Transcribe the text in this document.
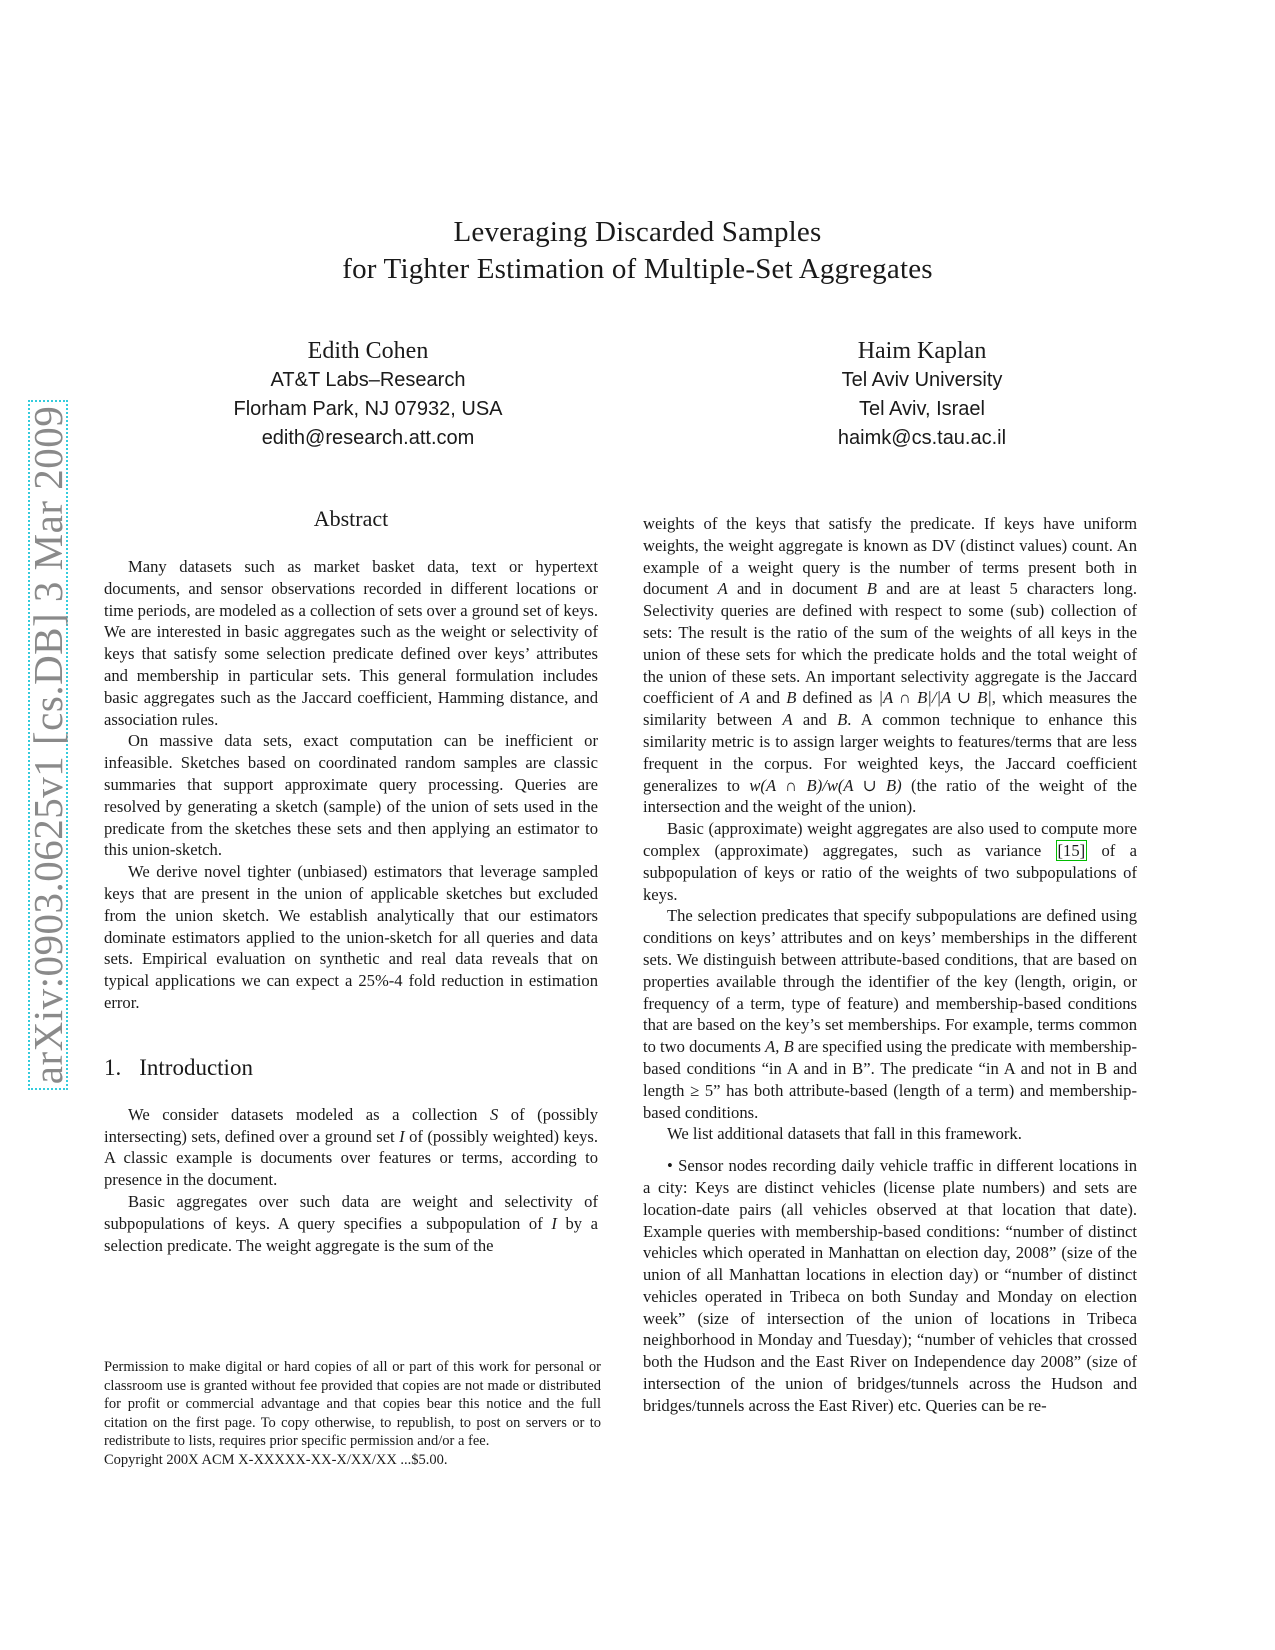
arXiv:0903.0625v1 [cs.DB] 3 Mar 2009
Leveraging Discarded Samples
for Tighter Estimation of Multiple-Set Aggregates
Edith Cohen
AT&T Labs–Research
Florham Park, NJ 07932, USA
edith@research.att.com
Haim Kaplan
Tel Aviv University
Tel Aviv, Israel
haimk@cs.tau.ac.il

Abstract

Many datasets such as market basket data, text or hypertext documents, and sensor observations recorded in different locations or time periods, are modeled as a collection of sets over a ground set of keys. We are interested in basic aggregates such as the weight or selectivity of keys that satisfy some selection predicate defined over keys’ attributes and membership in particular sets. This general formulation includes basic aggregates such as the Jaccard coefficient, Hamming distance, and association rules.

On massive data sets, exact computation can be inefficient or infeasible. Sketches based on coordinated random samples are classic summaries that support approximate query processing. Queries are resolved by generating a sketch (sample) of the union of sets used in the predicate from the sketches these sets and then applying an estimator to this union-sketch.

We derive novel tighter (unbiased) estimators that leverage sampled keys that are present in the union of applicable sketches but excluded from the union sketch. We establish analytically that our estimators dominate estimators applied to the union-sketch for all queries and data sets. Empirical evaluation on synthetic and real data reveals that on typical applications we can expect a 25%-4 fold reduction in estimation error.

1. Introduction

We consider datasets modeled as a collection S of (possibly intersecting) sets, defined over a ground set I of (possibly weighted) keys. A classic example is documents over features or terms, according to presence in the document.

Basic aggregates over such data are weight and selectivity of subpopulations of keys. A query specifies a subpopulation of I by a selection predicate. The weight aggregate is the sum of the

weights of the keys that satisfy the predicate. If keys have uniform weights, the weight aggregate is known as DV (distinct values) count. An example of a weight query is the number of terms present both in document A and in document B and are at least 5 characters long. Selectivity queries are defined with respect to some (sub) collection of sets: The result is the ratio of the sum of the weights of all keys in the union of these sets for which the predicate holds and the total weight of the union of these sets. An important selectivity aggregate is the Jaccard coefficient of A and B defined as |A ∩ B|/|A ∪ B|, which measures the similarity between A and B. A common technique to enhance this similarity metric is to assign larger weights to features/terms that are less frequent in the corpus. For weighted keys, the Jaccard coefficient generalizes to w(A ∩ B)/w(A ∪ B) (the ratio of the weight of the intersection and the weight of the union).

Basic (approximate) weight aggregates are also used to compute more complex (approximate) aggregates, such as variance [15] of a subpopulation of keys or ratio of the weights of two subpopulations of keys.

The selection predicates that specify subpopulations are defined using conditions on keys’ attributes and on keys’ memberships in the different sets. We distinguish between attribute-based conditions, that are based on properties available through the identifier of the key (length, origin, or frequency of a term, type of feature) and membership-based conditions that are based on the key’s set memberships. For example, terms common to two documents A, B are specified using the predicate with membership-based conditions “in A and in B”. The predicate “in A and not in B and length ≥ 5” has both attribute-based (length of a term) and membership-based conditions.

We list additional datasets that fall in this framework.

• Sensor nodes recording daily vehicle traffic in different locations in a city: Keys are distinct vehicles (license plate numbers) and sets are location-date pairs (all vehicles observed at that location that date). Example queries with membership-based conditions: “number of distinct vehicles which operated in Manhattan on election day, 2008” (size of the union of all Manhattan locations in election day) or “number of distinct vehicles operated in Tribeca on both Sunday and Monday on election week” (size of intersection of the union of locations in Tribeca neighborhood in Monday and Tuesday); “number of vehicles that crossed both the Hudson and the East River on Independence day 2008” (size of intersection of the union of bridges/tunnels across the Hudson and bridges/tunnels across the East River) etc. Queries can be re-

Permission to make digital or hard copies of all or part of this work for personal or classroom use is granted without fee provided that copies are not made or distributed for profit or commercial advantage and that copies bear this notice and the full citation on the first page. To copy otherwise, to republish, to post on servers or to redistribute to lists, requires prior specific permission and/or a fee.

Copyright 200X ACM X-XXXXX-XX-X/XX/XX ...$5.00.
